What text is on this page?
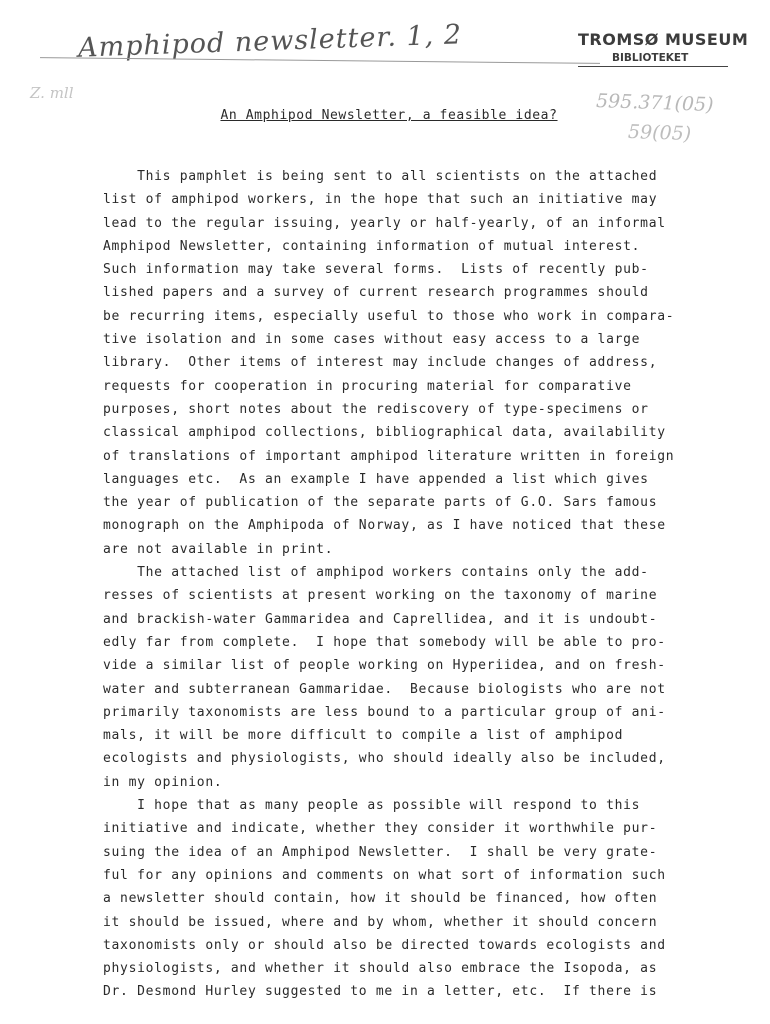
Amphipod newsletter. 1, 2
Z. mll
TROMSØ MUSEUM
BIBLIOTEKET
595.371(05)
59(05)
An Amphipod Newsletter, a feasible idea?
This pamphlet is being sent to all scientists on the attached
list of amphipod workers, in the hope that such an initiative may
lead to the regular issuing, yearly or half-yearly, of an informal
Amphipod Newsletter, containing information of mutual interest.
Such information may take several forms.  Lists of recently pub-
lished papers and a survey of current research programmes should
be recurring items, especially useful to those who work in compara-
tive isolation and in some cases without easy access to a large
library.  Other items of interest may include changes of address,
requests for cooperation in procuring material for comparative
purposes, short notes about the rediscovery of type-specimens or
classical amphipod collections, bibliographical data, availability
of translations of important amphipod literature written in foreign
languages etc.  As an example I have appended a list which gives
the year of publication of the separate parts of G.O. Sars famous
monograph on the Amphipoda of Norway, as I have noticed that these
are not available in print.
The attached list of amphipod workers contains only the add-
resses of scientists at present working on the taxonomy of marine
and brackish-water Gammaridea and Caprellidea, and it is undoubt-
edly far from complete.  I hope that somebody will be able to pro-
vide a similar list of people working on Hyperiidea, and on fresh-
water and subterranean Gammaridae.  Because biologists who are not
primarily taxonomists are less bound to a particular group of ani-
mals, it will be more difficult to compile a list of amphipod
ecologists and physiologists, who should ideally also be included,
in my opinion.
I hope that as many people as possible will respond to this
initiative and indicate, whether they consider it worthwhile pur-
suing the idea of an Amphipod Newsletter.  I shall be very grate-
ful for any opinions and comments on what sort of information such
a newsletter should contain, how it should be financed, how often
it should be issued, where and by whom, whether it should concern
taxonomists only or should also be directed towards ecologists and
physiologists, and whether it should also embrace the Isopoda, as
Dr. Desmond Hurley suggested to me in a letter, etc.  If there is
